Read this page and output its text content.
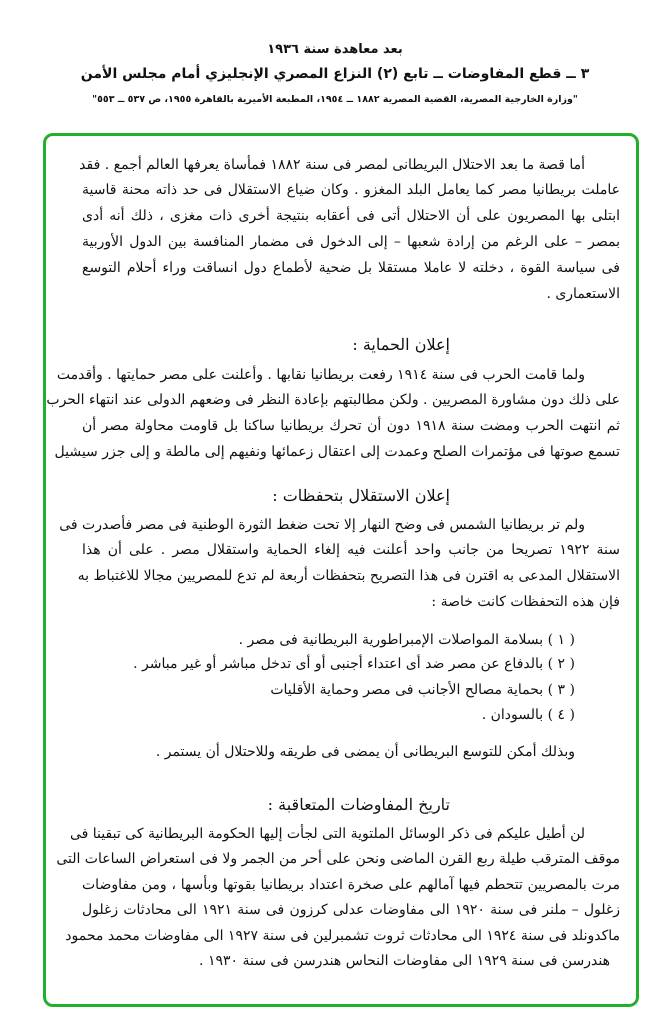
بعد معاهدة سنة ١٩٣٦
٣ ــ قطع المفاوضات ــ تابع (٢) النزاع المصري الإنجليزي أمام مجلس الأمن
"وزارة الخارجية المصرية، القضية المصرية ١٨٨٢ ــ ١٩٥٤، المطبعة الأميرية بالقاهرة ١٩٥٥، ص ٥٣٧ ــ ٥٥٣"
أما قصة ما بعد الاحتلال البريطانى لمصر فى سنة ١٨٨٢ فمأساة يعرفها العالم أجمع . فقد
عاملت بريطانيا مصر كما يعامل البلد المغزو . وكان ضياع الاستقلال فى حد ذاته محنة قاسية
ابتلى بها المصريون على أن الاحتلال أتى فى أعقابه بنتيجة أخرى ذات مغزى ، ذلك أنه أدى
بمصر – على الرغم من إرادة شعبها – إلى الدخول فى مضمار المنافسة بين الدول الأوربية
فى سياسة القوة ، دخلته لا عاملا مستقلا بل ضحية لأطماع دول انساقت وراء أحلام التوسع
الاستعمارى .
إعلان الحماية :
ولما قامت الحرب فى سنة ١٩١٤ رفعت بريطانيا نقابها . وأعلنت على مصر حمايتها . وأقدمت
على ذلك دون مشاورة المصريين . ولكن مطالبتهم بإعادة النظر فى وضعهم الدولى عند انتهاء الحرب
ثم انتهت الحرب ومضت سنة ١٩١٨ دون أن تحرك بريطانيا ساكنا بل قاومت محاولة مصر أن
تسمع صوتها فى مؤتمرات الصلح وعمدت إلى اعتقال زعمائها ونفيهم إلى مالطة و إلى جزر سيشيل
إعلان الاستقلال بتحفظات :
ولم تر بريطانيا الشمس فى وضح النهار إلا تحت ضغط الثورة الوطنية فى مصر فأصدرت فى
سنة ١٩٢٢ تصريحا من جانب واحد أعلنت فيه إلغاء الحماية واستقلال مصر . على أن هذا
الاستقلال المدعى به اقترن فى هذا التصريح بتحفظات أربعة لم تدع للمصريين مجالا للاغتباط به
فإن هذه التحفظات كانت خاصة :
( ١ ) بسلامة المواصلات الإمبراطورية البريطانية فى مصر .
( ٢ ) بالدفاع عن مصر ضد أى اعتداء أجنبى أو أى تدخل مباشر أو غير مباشر .
( ٣ ) بحماية مصالح الأجانب فى مصر وحماية الأقليات
( ٤ ) بالسودان .
وبذلك أمكن للتوسع البريطانى أن يمضى فى طريقه وللاحتلال أن يستمر .
تاريخ المفاوضات المتعاقبة :
لن أطيل عليكم فى ذكر الوسائل الملتوية التى لجأت إليها الحكومة البريطانية كى تبقينا فى
موقف المترقب طيلة ربع القرن الماضى ونحن على أحر من الجمر ولا فى استعراض الساعات التى
مرت بالمصريين تتحطم فيها آمالهم على صخرة اعتداد بريطانيا بقوتها وبأسها ، ومن مفاوضات
زغلول – ملنر فى سنة ١٩٢٠ الى مفاوضات عدلى كرزون فى سنة ١٩٢١ الى محادثات زغلول
ماكدونلد فى سنة ١٩٢٤ الى محادثات ثروت تشمبرلين فى سنة ١٩٢٧ الى مفاوضات محمد محمود
هندرسن فى سنة ١٩٢٩ الى مفاوضات النحاس هندرسن فى سنة ١٩٣٠ .
